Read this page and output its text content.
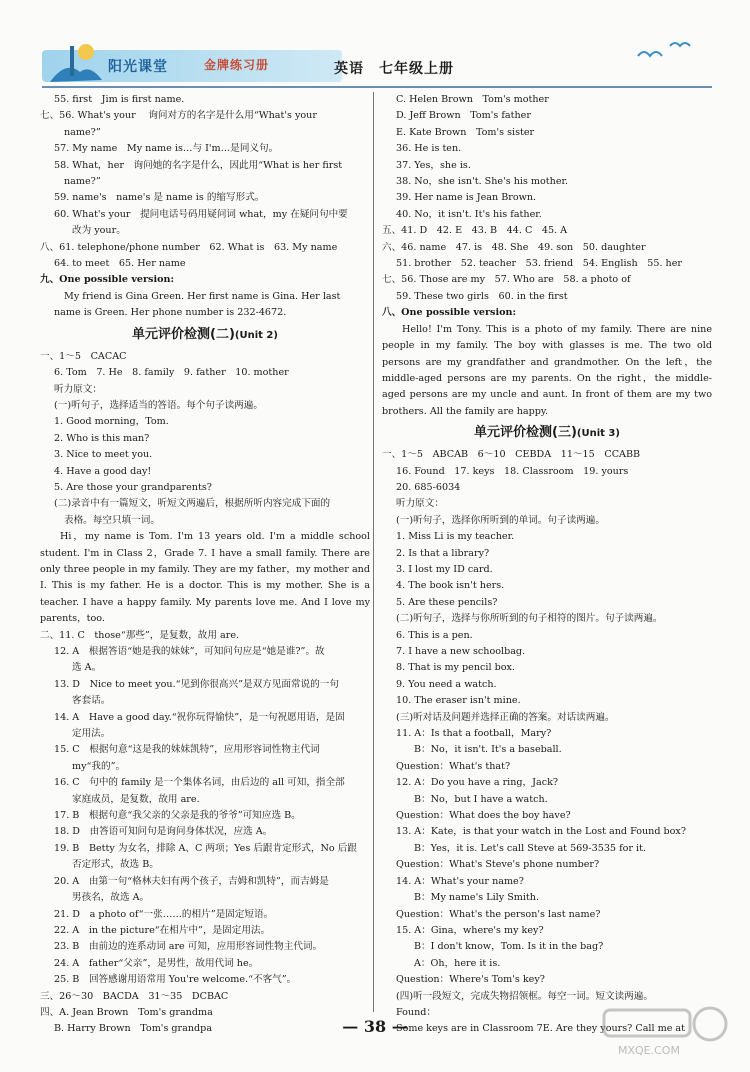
阳光课堂	金牌练习册	英语　七年级上册
55. first　Jim is first name.
七、56. What's your　 询问对方的名字是什么用“What's your
name?”
57. My name　My name is…与 I'm…是同义句。
58. What，her　询问她的名字是什么，因此用“What is her first
name?”
59. name's　name's 是 name is 的缩写形式。
60. What's your　提问电话号码用疑问词 what，my 在疑问句中要
改为 your。
八、61. telephone/phone number　62. What is　63. My name
64. to meet　65. Her name
九、One possible version:
My friend is Gina Green. Her first name is Gina. Her last
name is Green. Her phone number is 232-4672.
单元评价检测(二)(Unit 2)
一、1～5　CACAC
6. Tom　7. He　8. family　9. father　10. mother
听力原文：
(一)听句子，选择适当的答语。每个句子读两遍。
1. Good morning，Tom.
2. Who is this man?
3. Nice to meet you.
4. Have a good day!
5. Are those your grandparents?
(二)录音中有一篇短文，听短文两遍后，根据所听内容完成下面的
表格。每空只填一词。
Hi，my name is Tom. I'm 13 years old. I'm a middle school student. I'm in Class 2，Grade 7. I have a small family. There are only three people in my family. They are my father，my mother and I. This is my father. He is a doctor. This is my mother. She is a teacher. I have a happy family. My parents love me. And I love my parents，too.
二、11. C　those“那些”，是复数，故用 are.
12. A　根据答语“她是我的妹妹”，可知问句应是“她是谁?”。故
选 A。
13. D　Nice to meet you.“见到你很高兴”是双方见面常说的一句
客套话。
14. A　Have a good day.“祝你玩得愉快”，是一句祝愿用语，是固
定用法。
15. C　根据句意“这是我的妹妹凯特”，应用形容词性物主代词
my“我的”。
16. C　句中的 family 是一个集体名词，由后边的 all 可知，指全部
家庭成员，是复数，故用 are.
17. B　根据句意“我父亲的父亲是我的爷爷”可知应选 B。
18. D　由答语可知问句是询问身体状况，应选 A。
19. B　Betty 为女名，排除 A、C 两项；Yes 后跟肯定形式，No 后跟
否定形式，故选 B。
20. A　由第一句“格林夫妇有两个孩子，吉姆和凯特”，而吉姆是
男孩名，故选 A。
21. D　a photo of“一张……的相片”是固定短语。
22. A　in the picture“在相片中”，是固定用法。
23. B　由前边的连系动词 are 可知，应用形容词性物主代词。
24. A　father“父亲”，是男性，故用代词 he。
25. B　回答感谢用语常用 You're welcome.“不客气”。
三、26～30　BACDA　31～35　DCBAC
四、A. Jean Brown　Tom's grandma
B. Harry Brown　Tom's grandpa
C. Helen Brown　Tom's mother
D. Jeff Brown　Tom's father
E. Kate Brown　Tom's sister
36. He is ten.
37. Yes，she is.
38. No，she isn't. She's his mother.
39. Her name is Jean Brown.
40. No，it isn't. It's his father.
五、41. D　42. E　43. B　44. C　45. A
六、46. name　47. is　48. She　49. son　50. daughter
51. brother　52. teacher　53. friend　54. English　55. her
七、56. Those are my　57. Who are　58. a photo of
59. These two girls　60. in the first
八、One possible version:
Hello! I'm Tony. This is a photo of my family. There are nine people in my family. The boy with glasses is me. The two old persons are my grandfather and grandmother. On the left，the middle-aged persons are my parents. On the right，the middle-aged persons are my uncle and aunt. In front of them are my two brothers. All the family are happy.
单元评价检测(三)(Unit 3)
一、1～5　ABCAB　6～10　CEBDA　11～15　CCABB
16. Found　17. keys　18. Classroom　19. yours
20. 685-6034
听力原文：
(一)听句子，选择你所听到的单词。句子读两遍。
1. Miss Li is my teacher.
2. Is that a library?
3. I lost my ID card.
4. The book isn't hers.
5. Are these pencils?
(二)听句子，选择与你所听到的句子相符的图片。句子读两遍。
6. This is a pen.
7. I have a new schoolbag.
8. That is my pencil box.
9. You need a watch.
10. The eraser isn't mine.
(三)听对话及问题并选择正确的答案。对话读两遍。
11. A：Is that a football，Mary?
B：No，it isn't. It's a baseball.
Question：What's that?
12. A：Do you have a ring，Jack?
B：No，but I have a watch.
Question：What does the boy have?
13. A：Kate，is that your watch in the Lost and Found box?
B：Yes，it is. Let's call Steve at 569-3535 for it.
Question：What's Steve's phone number?
14. A：What's your name?
B：My name's Lily Smith.
Question：What's the person's last name?
15. A：Gina，where's my key?
B：I don't know，Tom. Is it in the bag?
A：Oh，here it is.
Question：Where's Tom's key?
(四)听一段短文，完成失物招领框。每空一词。短文读两遍。
Found：
Some keys are in Classroom 7E. Are they yours? Call me at
— 38 —
MXQE.COM
